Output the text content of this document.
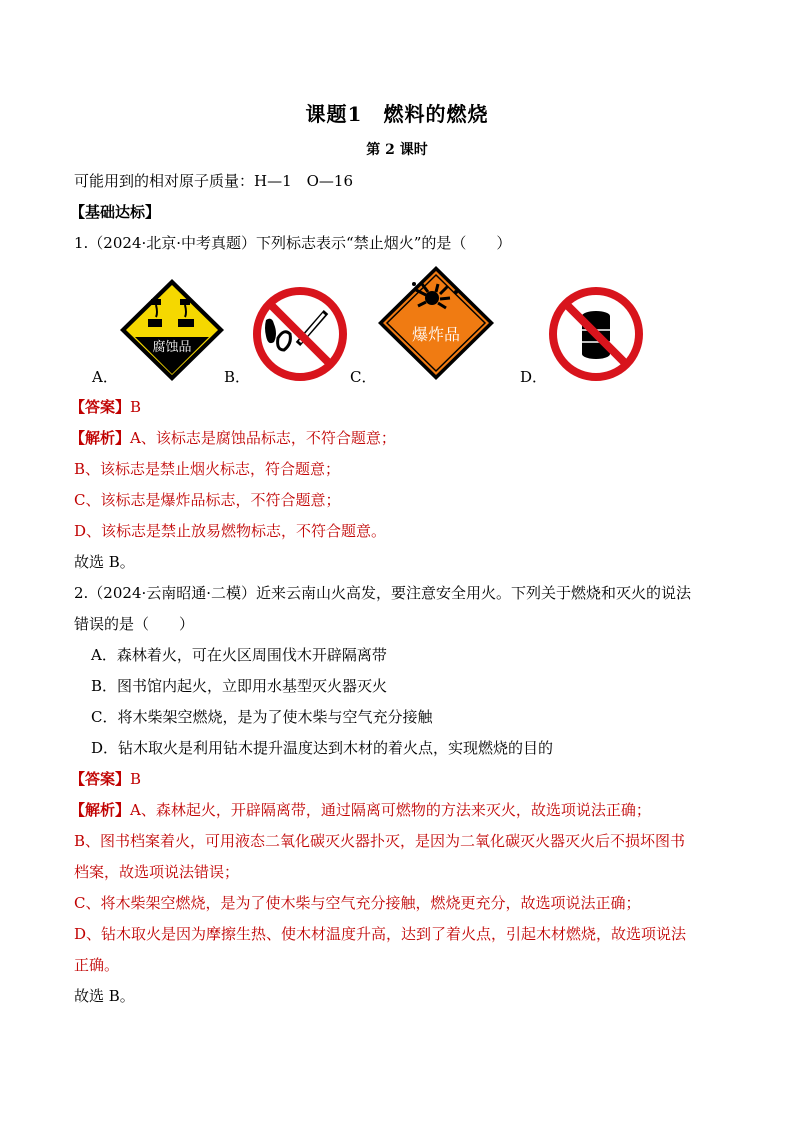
课题1　燃料的燃烧
第 2 课时
可能用到的相对原子质量：H—1　O—16
【基础达标】
1.（2024·北京·中考真题）下列标志表示“禁止烟火”的是（　　）
腐蚀品
A．	B．
爆炸品
C．	D．
【答案】B
【解析】A、该标志是腐蚀品标志，不符合题意；
B、该标志是禁止烟火标志，符合题意；
C、该标志是爆炸品标志，不符合题意；
D、该标志是禁止放易燃物标志，不符合题意。
故选 B。
2.（2024·云南昭通·二模）近来云南山火高发，要注意安全用火。下列关于燃烧和灭火的说法
错误的是（　　）
A．森林着火，可在火区周围伐木开辟隔离带
B．图书馆内起火，立即用水基型灭火器灭火
C．将木柴架空燃烧，是为了使木柴与空气充分接触
D．钻木取火是利用钻木提升温度达到木材的着火点，实现燃烧的目的
【答案】B
【解析】A、森林起火，开辟隔离带，通过隔离可燃物的方法来灭火，故选项说法正确；
B、图书档案着火，可用液态二氧化碳灭火器扑灭，是因为二氧化碳灭火器灭火后不损坏图书
档案，故选项说法错误；
C、将木柴架空燃烧，是为了使木柴与空气充分接触，燃烧更充分，故选项说法正确；
D、钻木取火是因为摩擦生热、使木材温度升高，达到了着火点，引起木材燃烧，故选项说法
正确。
故选 B。
